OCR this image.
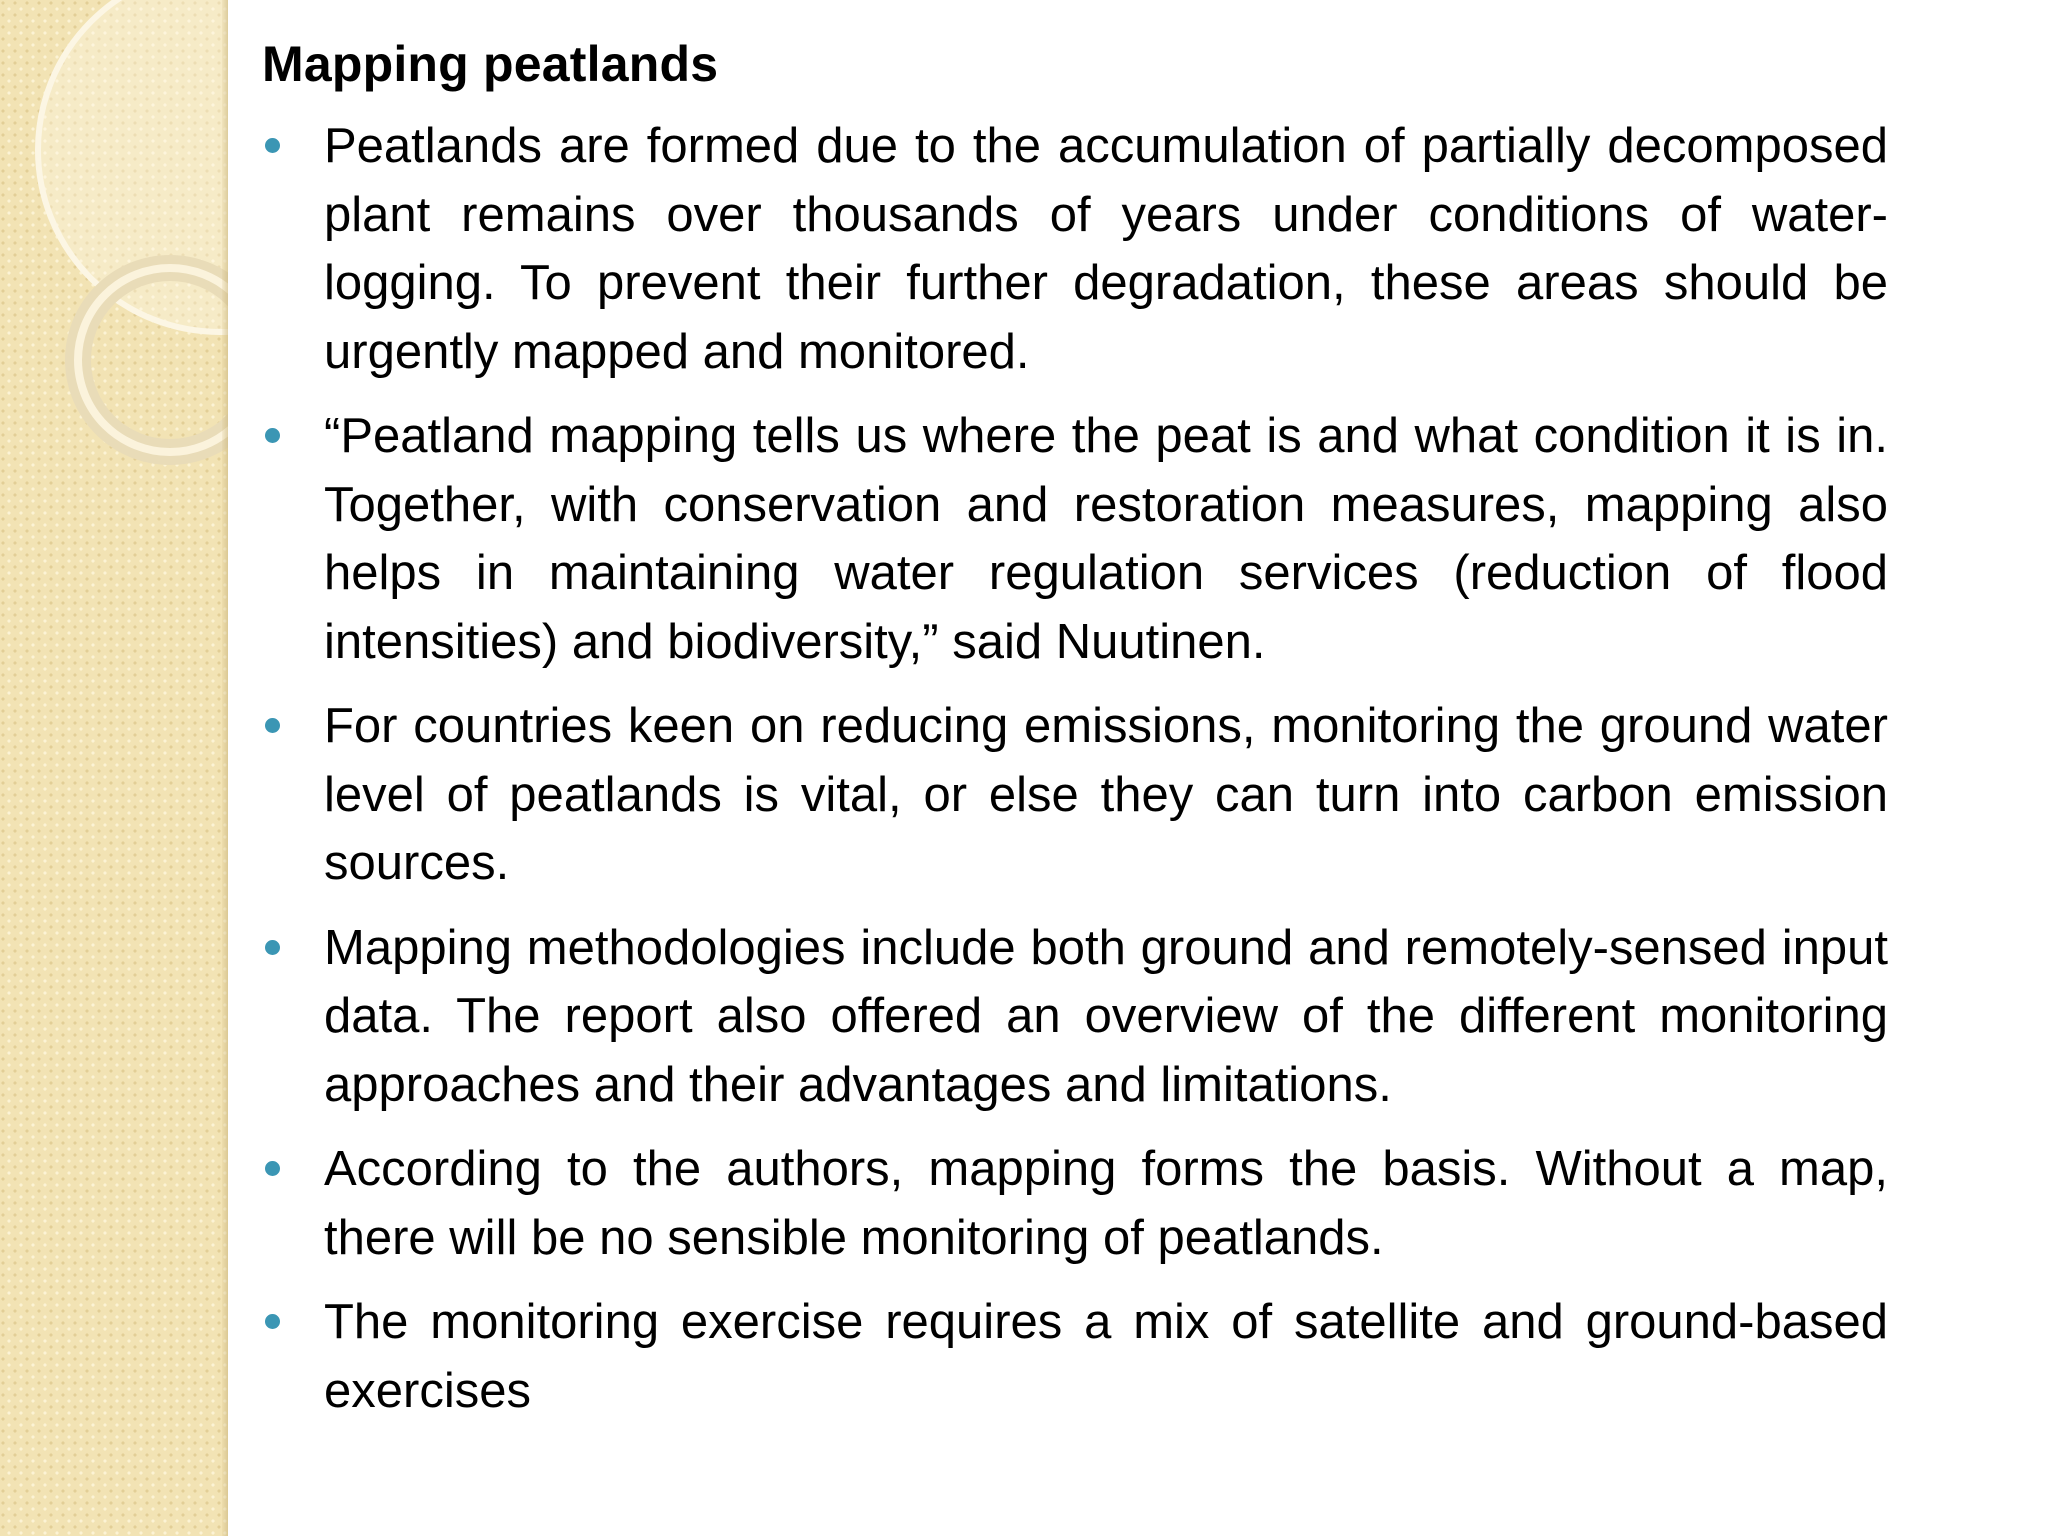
Mapping peatlands
Peatlands are formed due to the accumulation of partially decomposed plant remains over thousands of years under conditions of water-logging. To prevent their further degradation, these areas should be urgently mapped and monitored.
“Peatland mapping tells us where the peat is and what condition it is in. Together, with conservation and restoration measures, mapping also helps in maintaining water regulation services (reduction of flood intensities) and biodiversity,” said Nuutinen.
For countries keen on reducing emissions, monitoring the ground water level of peatlands is vital, or else they can turn into carbon emission sources.
Mapping methodologies include both ground and remotely-sensed input data. The report also offered an overview of the different monitoring approaches and their advantages and limitations.
According to the authors, mapping forms the basis. Without a map, there will be no sensible monitoring of peatlands.
The monitoring exercise requires a mix of satellite and ground-based exercises
